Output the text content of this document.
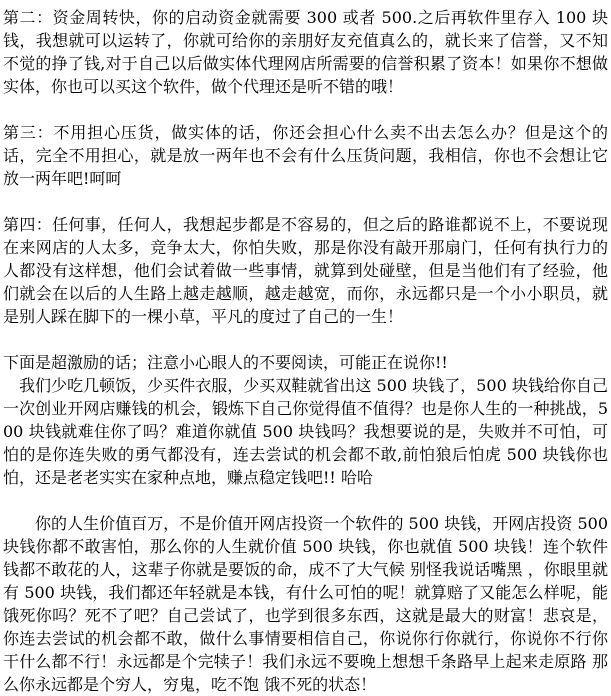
第二：资金周转快，你的启动资金就需要 300 或者 500.之后再软件里存入 100 块钱，我想就可以运转了，你就可给你的亲朋好友充值真么的，就长来了信誉，又不知不觉的挣了钱,对于自己以后做实体代理网店所需要的信誉积累了资本！如果你不想做实体，你也可以买这个软件，做个代理还是听不错的哦！

第三：不用担心压货，做实体的话，你还会担心什么卖不出去怎么办？但是这个的话，完全不用担心，就是放一两年也不会有什么压货问题，我相信，你也不会想让它放一两年吧!呵呵

第四：任何事，任何人，我想起步都是不容易的，但之后的路谁都说不上，不要说现在来网店的人太多，竞争太大，你怕失败，那是你没有敲开那扇门，任何有执行力的人都没有这样想，他们会试着做一些事情，就算到处碰壁，但是当他们有了经验，他们就会在以后的人生路上越走越顺，越走越宽，而你，永远都只是一个小小职员，就是别人踩在脚下的一棵小草，平凡的度过了自己的一生！

下面是超激励的话；注意小心眼人的不要阅读，可能正在说你!!

　我们少吃几顿饭，少买件衣服，少买双鞋就省出这 500 块钱了，500 块钱给你自己一次创业开网店赚钱的机会，锻炼下自己你觉得值不值得？也是你人生的一种挑战，500 块钱就难住你了吗？难道你就值 500 块钱吗？我想要说的是，失败并不可怕，可怕的是你连失败的勇气都没有，连去尝试的机会都不敢,前怕狼后怕虎 500 块钱你也怕，还是老老实实在家种点地，赚点稳定钱吧!! 哈哈

　　你的人生价值百万，不是价值开网店投资一个软件的 500 块钱，开网店投资 500 块钱你都不敢害怕，那么你的人生就价值 500 块钱，你也就值 500 块钱！连个软件钱都不敢花的人，这辈子你就是要饭的命，成不了大气候 别怪我说话嘴黑 ，你眼里就有 500 块钱，我们都还年轻就是本钱，有什么可怕的呢！就算赔了又能怎么样呢，能饿死你吗？死不了吧？自己尝试了，也学到很多东西，这就是最大的财富！悲哀是，你连去尝试的机会都不敢，做什么事情要相信自己，你说你行你就行，你说你不行你干什么都不行！永远都是个完犊子！我们永远不要晚上想想千条路早上起来走原路 那么你永远都是个穷人，穷鬼，吃不饱 饿不死的状态！
